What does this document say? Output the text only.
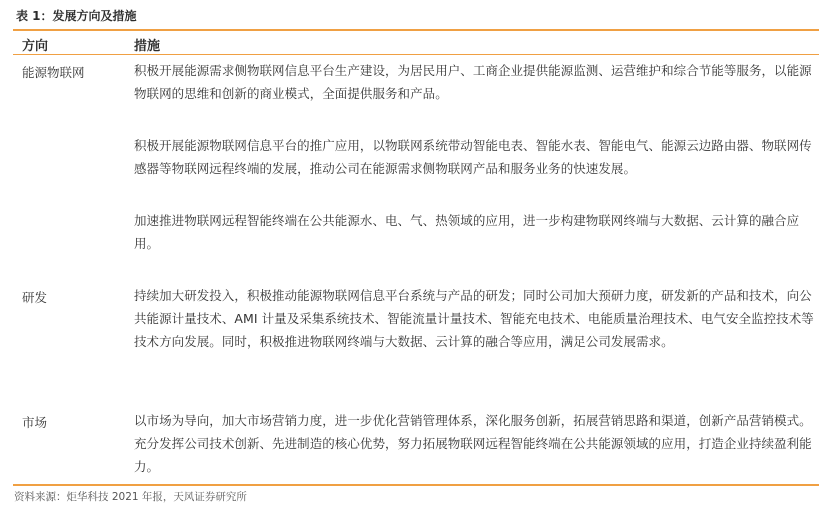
表 1：发展方向及措施
方向	措施
能源物联网	积极开展能源需求侧物联网信息平台生产建设，为居民用户、工商企业提供能源监测、运营维护和综合节能等服务，以能源物联网的思维和创新的商业模式，全面提供服务和产品。

积极开展能源物联网信息平台的推广应用，以物联网系统带动智能电表、智能水表、智能电气、能源云边路由器、物联网传感器等物联网远程终端的发展，推动公司在能源需求侧物联网产品和服务业务的快速发展。

加速推进物联网远程智能终端在公共能源水、电、气、热领域的应用，进一步构建物联网终端与大数据、云计算的融合应用。

研发	持续加大研发投入，积极推动能源物联网信息平台系统与产品的研发；同时公司加大预研力度，研发新的产品和技术，向公共能源计量技术、AMI 计量及采集系统技术、智能流量计量技术、智能充电技术、电能质量治理技术、电气安全监控技术等技术方向发展。同时，积极推进物联网终端与大数据、云计算的融合等应用，满足公司发展需求。

市场	以市场为导向，加大市场营销力度，进一步优化营销管理体系，深化服务创新，拓展营销思路和渠道，创新产品营销模式。充分发挥公司技术创新、先进制造的核心优势，努力拓展物联网远程智能终端在公共能源领域的应用，打造企业持续盈利能力。

资料来源：炬华科技 2021 年报，天风证券研究所
